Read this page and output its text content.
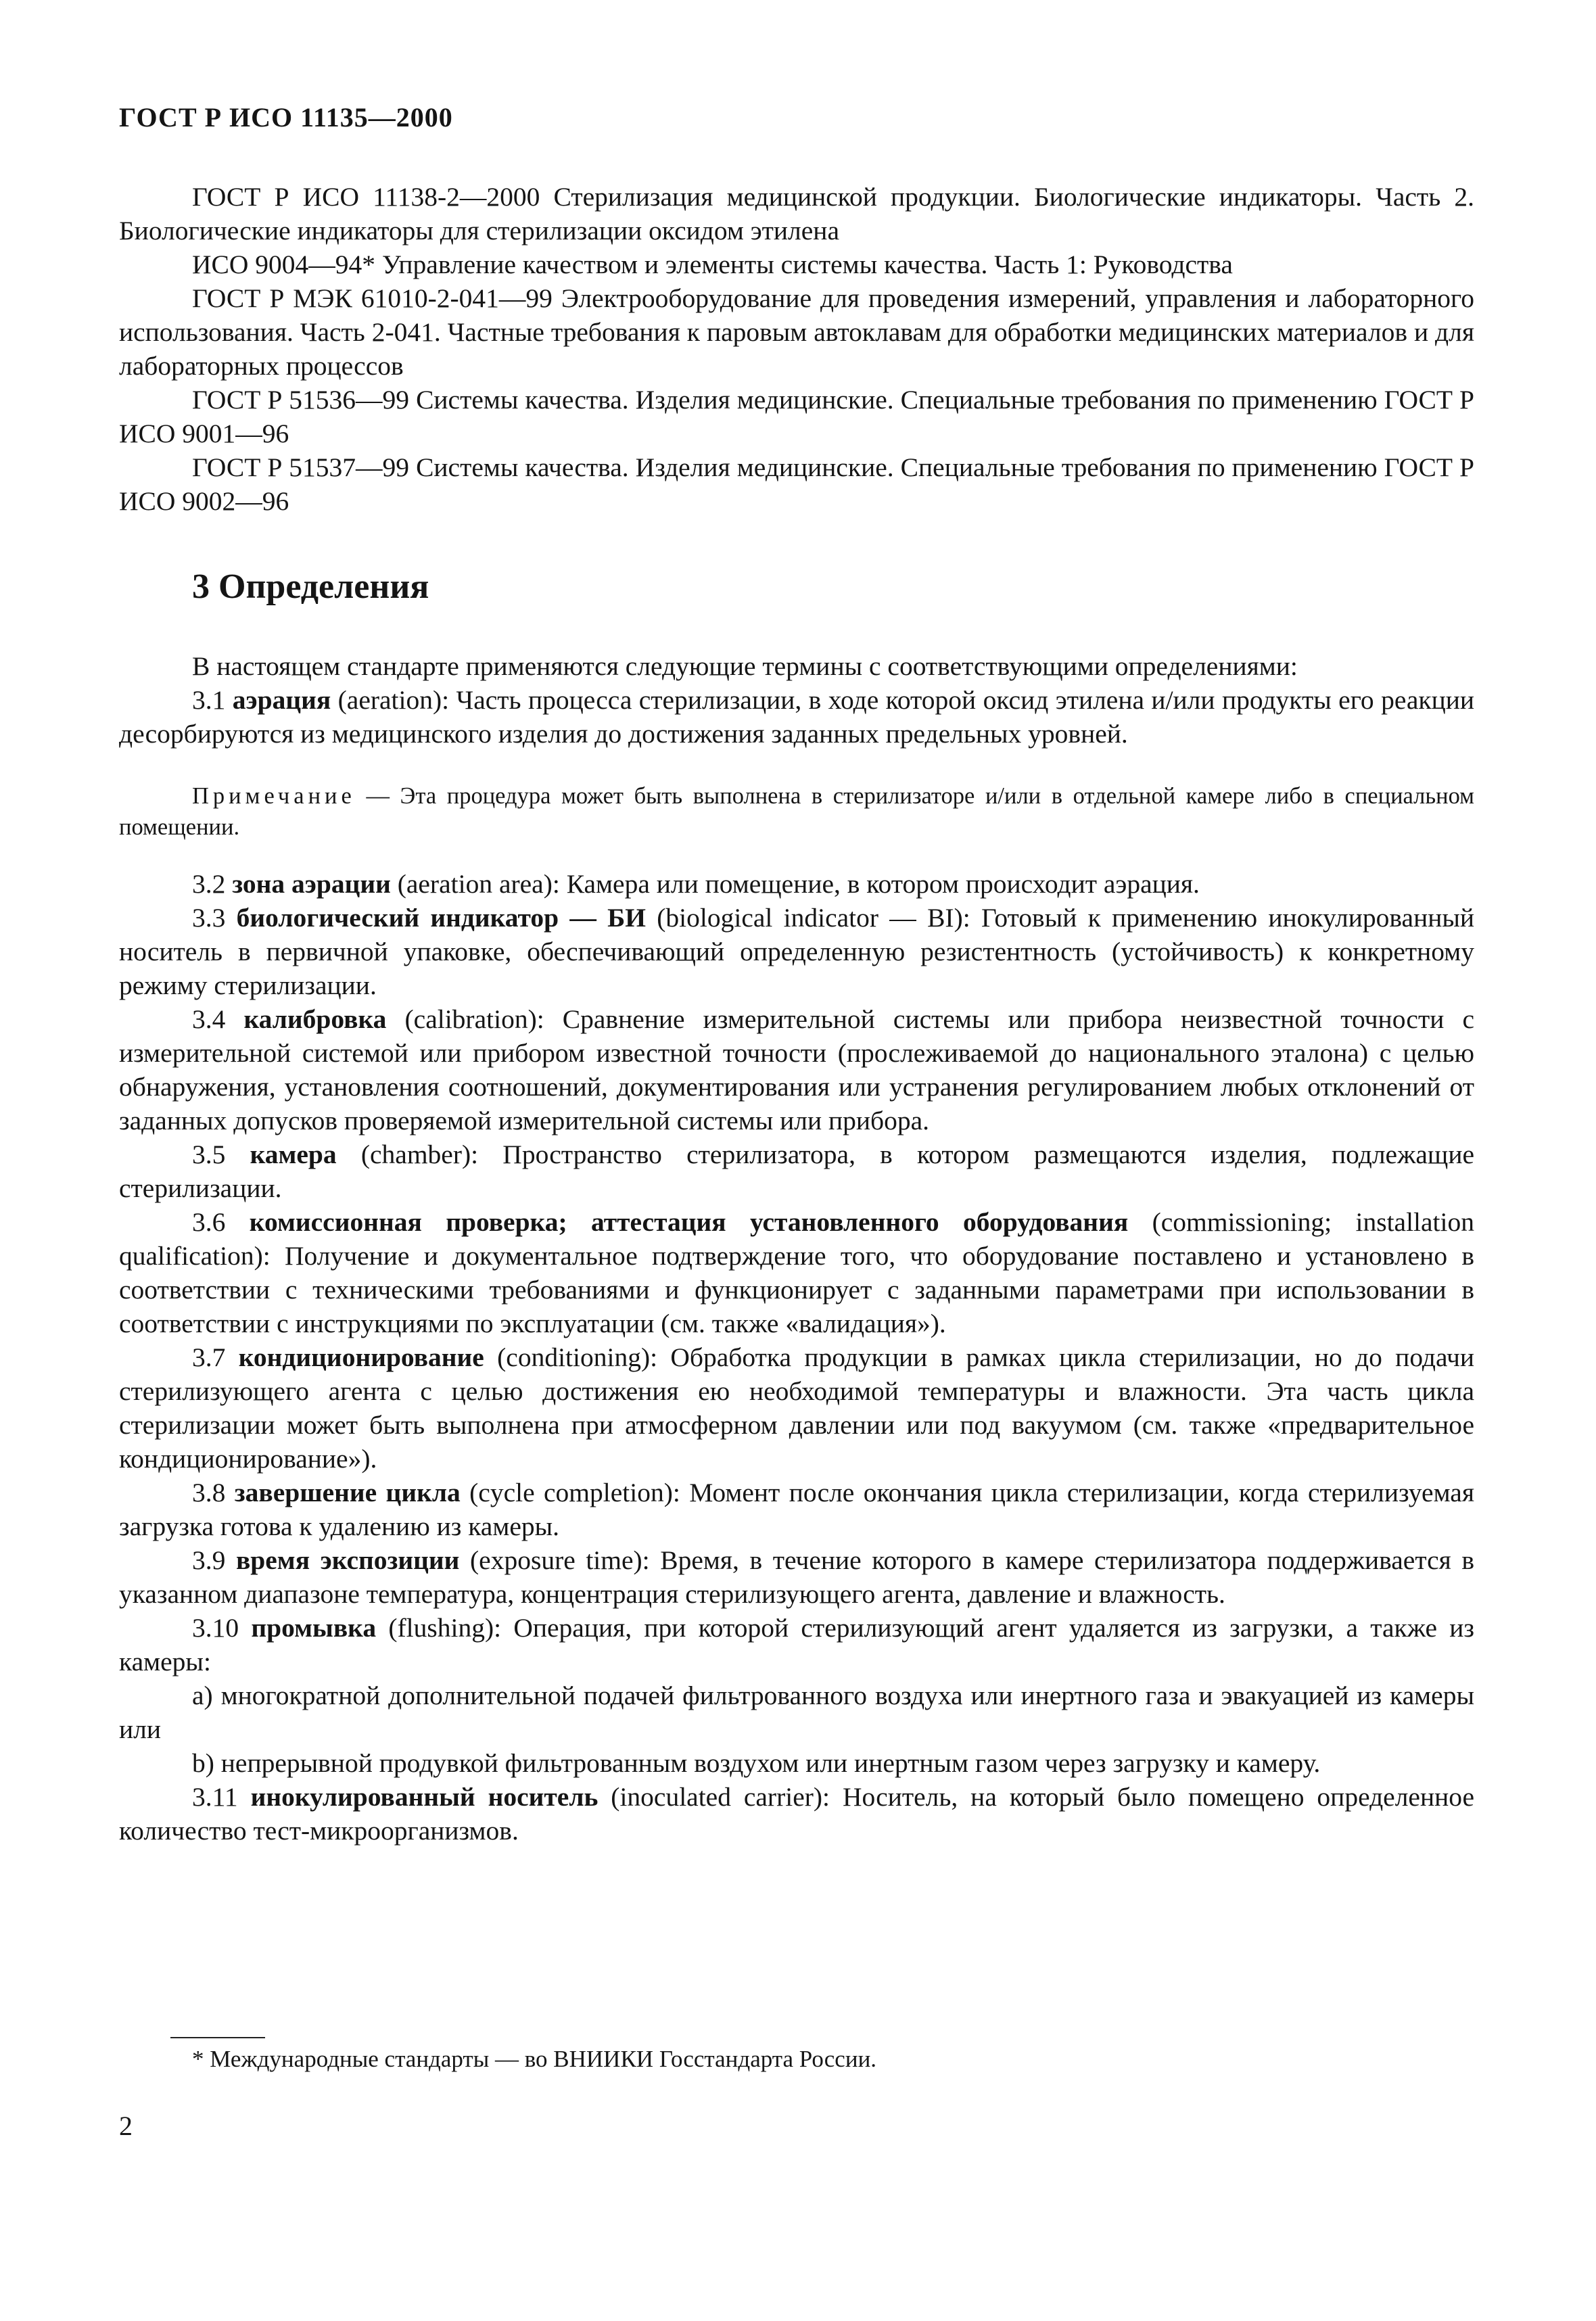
ГОСТ Р ИСО 11135—2000

ГОСТ Р ИСО 11138-2—2000 Стерилизация медицинской продукции. Биологические индикаторы. Часть 2. Биологические индикаторы для стерилизации оксидом этилена

ИСО 9004—94* Управление качеством и элементы системы качества. Часть 1: Руководства

ГОСТ Р МЭК 61010-2-041—99 Электрооборудование для проведения измерений, управления и лабораторного использования. Часть 2-041. Частные требования к паровым автоклавам для обработки медицинских материалов и для лабораторных процессов

ГОСТ Р 51536—99 Системы качества. Изделия медицинские. Специальные требования по применению ГОСТ Р ИСО 9001—96

ГОСТ Р 51537—99 Системы качества. Изделия медицинские. Специальные требования по применению ГОСТ Р ИСО 9002—96

3 Определения

В настоящем стандарте применяются следующие термины с соответствующими определениями:

3.1 аэрация (aeration): Часть процесса стерилизации, в ходе которой оксид этилена и/или продукты его реакции десорбируются из медицинского изделия до достижения заданных предельных уровней.

Примечание — Эта процедура может быть выполнена в стерилизаторе и/или в отдельной камере либо в специальном помещении.

3.2 зона аэрации (aeration area): Камера или помещение, в котором происходит аэрация.

3.3 биологический индикатор — БИ (biological indicator — BI): Готовый к применению инокулированный носитель в первичной упаковке, обеспечивающий определенную резистентность (устойчивость) к конкретному режиму стерилизации.

3.4 калибровка (calibration): Сравнение измерительной системы или прибора неизвестной точности с измерительной системой или прибором известной точности (прослеживаемой до национального эталона) с целью обнаружения, установления соотношений, документирования или устранения регулированием любых отклонений от заданных допусков проверяемой измерительной системы или прибора.

3.5 камера (chamber): Пространство стерилизатора, в котором размещаются изделия, подлежащие стерилизации.

3.6 комиссионная проверка; аттестация установленного оборудования (commissioning; installation qualification): Получение и документальное подтверждение того, что оборудование поставлено и установлено в соответствии с техническими требованиями и функционирует с заданными параметрами при использовании в соответствии с инструкциями по эксплуатации (см. также «валидация»).

3.7 кондиционирование (conditioning): Обработка продукции в рамках цикла стерилизации, но до подачи стерилизующего агента с целью достижения ею необходимой температуры и влажности. Эта часть цикла стерилизации может быть выполнена при атмосферном давлении или под вакуумом (см. также «предварительное кондиционирование»).

3.8 завершение цикла (cycle completion): Момент после окончания цикла стерилизации, когда стерилизуемая загрузка готова к удалению из камеры.

3.9 время экспозиции (exposure time): Время, в течение которого в камере стерилизатора поддерживается в указанном диапазоне температура, концентрация стерилизующего агента, давление и влажность.

3.10 промывка (flushing): Операция, при которой стерилизующий агент удаляется из загрузки, а также из камеры:

a) многократной дополнительной подачей фильтрованного воздуха или инертного газа и эвакуацией из камеры или

b) непрерывной продувкой фильтрованным воздухом или инертным газом через загрузку и камеру.

3.11 инокулированный носитель (inoculated carrier): Носитель, на который было помещено определенное количество тест-микроорганизмов.

* Международные стандарты — во ВНИИКИ Госстандарта России.
2
